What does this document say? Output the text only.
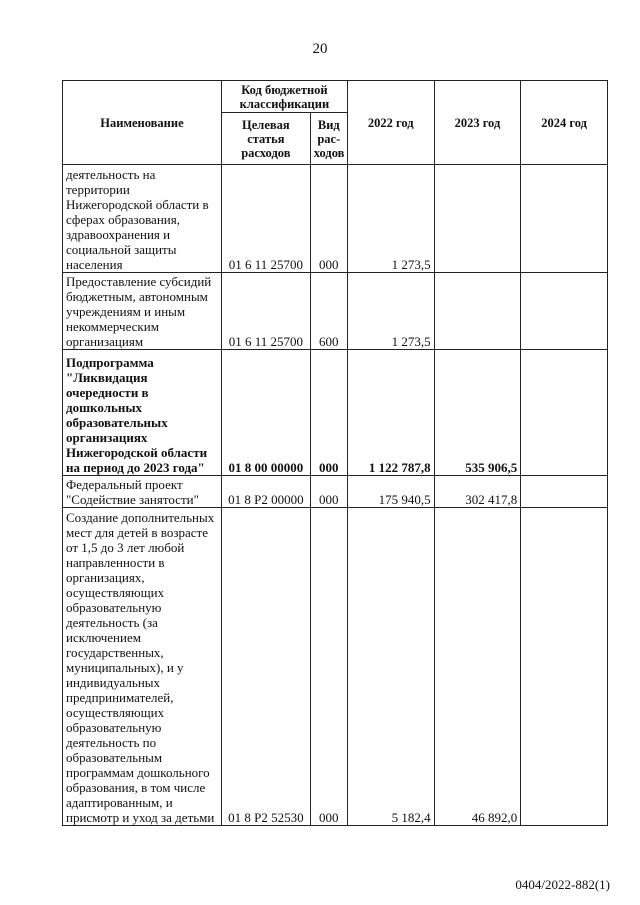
20
Наименование	Код бюджетной классификации		2022 год	2023 год	2024 год
	Целевая статья расходов	Вид рас-ходов			
деятельность на территории Нижегородской области в сферах образования, здравоохранения и социальной защиты населения	01 6 11 25700	000	1 273,5		
Предоставление субсидий бюджетным, автономным учреждениям и иным некоммерческим организациям	01 6 11 25700	600	1 273,5		
Подпрограмма "Ликвидация очередности в дошкольных образовательных организациях Нижегородской области на период до 2023 года"	01 8 00 00000	000	1 122 787,8	535 906,5	
Федеральный проект "Содействие занятости"	01 8 P2 00000	000	175 940,5	302 417,8	
Создание дополнительных мест для детей в возрасте от 1,5 до 3 лет любой направленности в организациях, осуществляющих образовательную деятельность (за исключением государственных, муниципальных), и у индивидуальных предпринимателей, осуществляющих образовательную деятельность по образовательным программам дошкольного образования, в том числе адаптированным, и присмотр и уход за детьми	01 8 P2 52530	000	5 182,4	46 892,0	
0404/2022-882(1)
